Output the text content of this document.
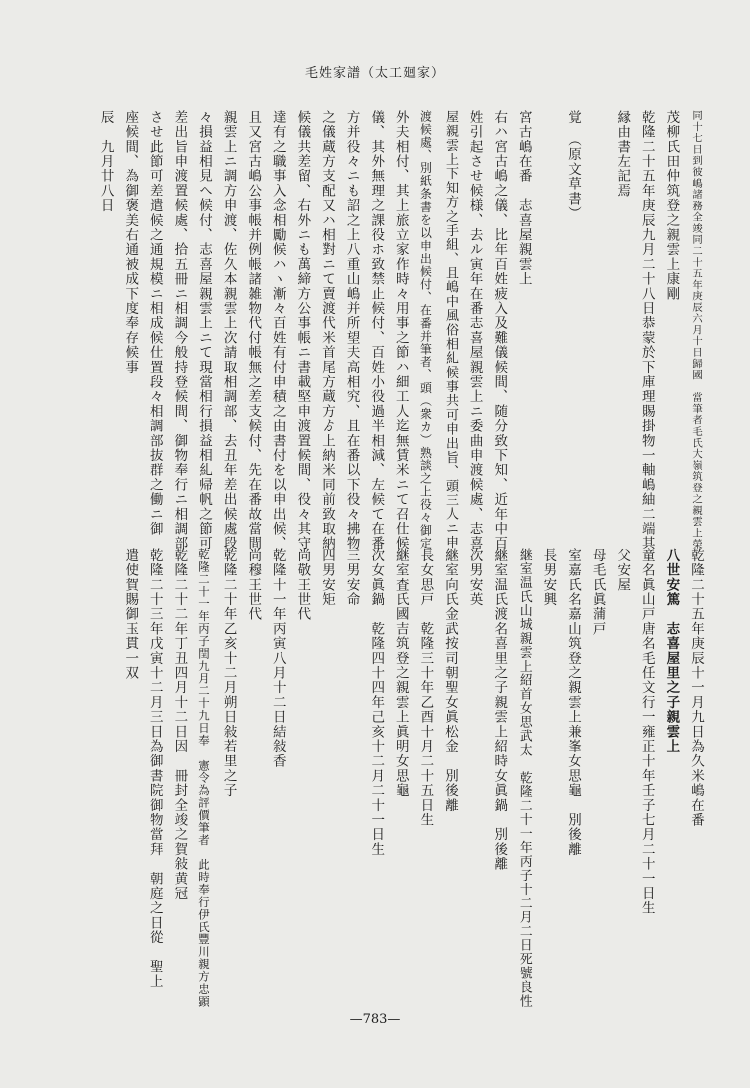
毛姓家譜（太工廻家）
乾隆二十五年庚辰十一月九日為久米嶋在番
八世安篤　志喜屋里之子親雲上
童名眞山戸唐名毛任文行一雍正十年壬子七月二十一日生
父安屋
母毛氏眞蒲戸
室嘉氏名嘉山筑登之親雲上兼峯女思龜　別後離
長男安興
継室温氏山城親雲上紹首女思武太　乾隆二十一年丙子十二月二日死號良性
継室温氏渡名喜里之子親雲上紹時女眞鍋　別後離
次男安英
継室向氏金武按司朝聖女眞松金　別後離
長女思戸　乾隆三十年乙酉十月二十五日生
継室査氏國吉筑登之親雲上眞明女思龜
次女眞鍋　乾隆四十四年己亥十二月二十一日生
三男安命
四男安矩
尚敬王世代
乾隆十一年丙寅八月十二日結敍香
尚穆王世代
乾隆二十年乙亥十二月朔日敍若里之子
乾隆二十一年丙子閏九月二十九日奉　憲令為評價筆者　此時奉行伊氏豐川親方忠顕
乾隆二十二年丁丑四月十二日因　冊封全竣之賀敍黄冠
乾隆二十三年戊寅十二月三日為御書院御物當拜　朝庭之日從　聖上
遣使賀賜御玉貫一双
同十七日到彼嶋諸務全竣同二十五年庚辰六月十日歸國　當筆者毛氏大嶺筑登之親雲上榮
茂柳氏田仲筑登之親雲上康剛
乾隆二十五年庚辰九月二十八日恭蒙於下庫理賜掛物一軸嶋紬二端其
縁由書左記焉
覚　（原文草書）
宮古嶋在番　志喜屋親雲上
右ハ宮古嶋之儀、比年百姓疲入及難儀候間、随分致下知、近年中百
姓引起させ候様、去ル寅年在番志喜屋親雲上ニ委曲申渡候處、志喜
屋親雲上下知方之手組、且嶋中風俗相糺候事共可申出旨、頭三人ニ申
渡候處、別紙条書を以申出候付、在番并筆者、頭（衆カ）熟談之上役々御定
外夫相付、其上旅立家作時々用事之節ハ細工人迄無賃米ニて召仕候
儀、其外無理之課役ホ致禁止候付、百姓小役過半相減、左候て在番
方并役々ニも詔之上八重山嶋并所望夫高相究、且在番以下役々拂物
之儀蔵方支配又ハ相對ニて賣渡代米首尾方蔵方ゟ上納米同前致取納
候儀共差留、右外ニも萬締方公事帳ニ書載堅申渡置候間、役々其守
達有之職事入念相勵候ハヽ漸々百姓有付申積之由書付を以申出候、
且又宮古嶋公事帳并例帳諸雑物代付帳無之差支候付、先在番故當間
親雲上ニ調方申渡、佐久本親雲上次請取相調部、去丑年差出候處段
々損益相見へ候付、志喜屋親雲上ニて現當相行損益相糺帰帆之節可
差出旨申渡置候處、拾五冊ニ相調今般持登候間、御物奉行ニ相調部
させ此節可差遣候之通規模ニ相成候仕置段々相調部抜群之働ニ御
座候間、為御褒美右通被成下度奉存候事
辰　九月廿八日
—783—
